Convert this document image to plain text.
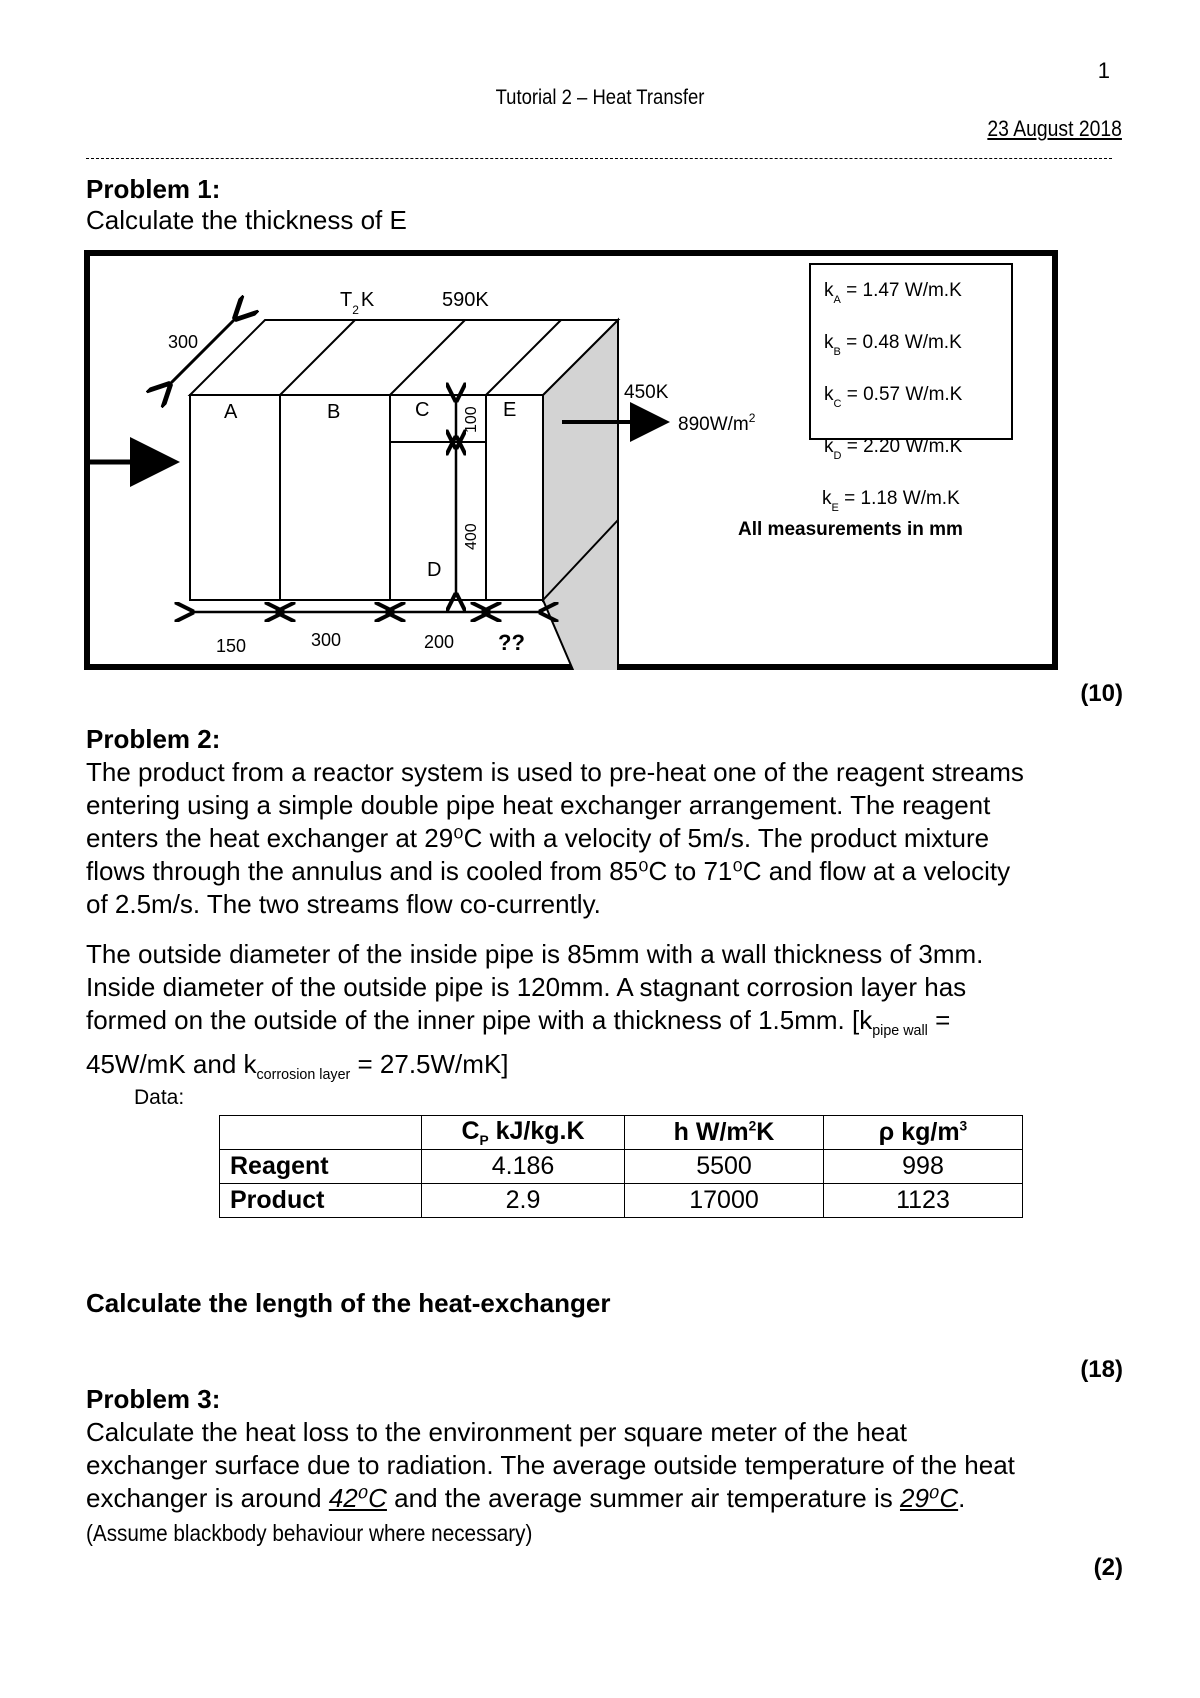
1
Tutorial 2 – Heat Transfer
23 August 2018
Problem 1:
Calculate the thickness of E
A	B	C
D
E
300
100
400
150	300	200 ??
$T_2$ K	590K
450K
$890W/m^2$
$k_A = 1.47$ W/m.K
$k_B = 0.48$ W/m.K
$k_C = 0.57$ W/m.K
$k_D = 2.20$ W/m.K
$k_E = 1.18$ W/m.K
All measurements in mm
(10)
Problem 2:
The product from a reactor system is used to pre-heat one of the reagent streams
entering using a simple double pipe heat exchanger arrangement. The reagent
enters the heat exchanger at 29⁰C with a velocity of 5m/s. The product mixture
flows through the annulus and is cooled from 85⁰C to 71⁰C and flow at a velocity
of 2.5m/s. The two streams flow co-currently.
The outside diameter of the inside pipe is 85mm with a wall thickness of 3mm.
Inside diameter of the outside pipe is 120mm. A stagnant corrosion layer has
formed on the outside of the inner pipe with a thickness of 1.5mm. [$k_{pipe wall}$ =
45W/mK and $k_{corrosion layer} = 27.5W/mK$]
Data:
	$C_P$ kJ/kg.K	h $W/m^2K$	ρ $kg/m^3$
Reagent	4.186	5500	998
Product	2.9	17000	1123
Calculate the length of the heat-exchanger
(18)
Problem 3:
Calculate the heat loss to the environment per square meter of the heat
exchanger surface due to radiation. The average outside temperature of the heat
exchanger is around 42⁰C and the average summer air temperature is 29⁰C.
(Assume blackbody behaviour where necessary)
(2)
